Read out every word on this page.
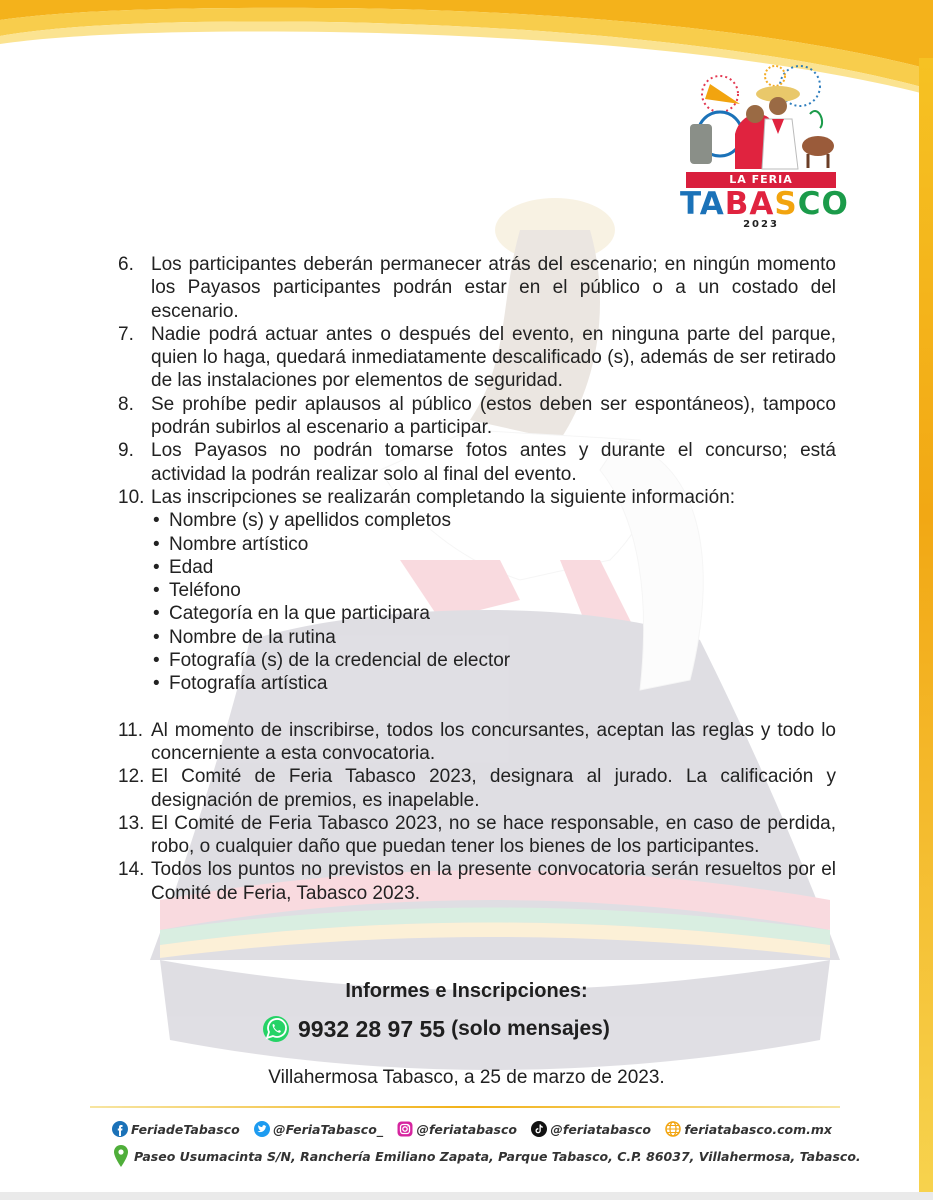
LA FERIA
TABASCO
2023
6. Los participantes deberán permanecer atrás del escenario; en ningún momento los Payasos participantes podrán estar en el público o a un costado del escenario.
7. Nadie podrá actuar antes o después del evento, en ninguna parte del parque, quien lo haga, quedará inmediatamente descalificado (s), además de ser retirado de las instalaciones por elementos de seguridad.
8. Se prohíbe pedir aplausos al público (estos deben ser espontáneos), tampoco podrán subirlos al escenario a participar.
9. Los Payasos no podrán tomarse fotos antes y durante el concurso; está actividad la podrán realizar solo al final del evento.
10. Las inscripciones se realizarán completando la siguiente información:
• Nombre (s) y apellidos completos
• Nombre artístico
• Edad
• Teléfono
• Categoría en la que participara
• Nombre de la rutina
• Fotografía (s) de la credencial de elector
• Fotografía artística
11. Al momento de inscribirse, todos los concursantes, aceptan las reglas y todo lo concerniente a esta convocatoria.
12. El Comité de Feria Tabasco 2023, designara al jurado. La calificación y designación de premios, es inapelable.
13. El Comité de Feria Tabasco 2023, no se hace responsable, en caso de perdida, robo, o cualquier daño que puedan tener los bienes de los participantes.
14. Todos los puntos no previstos en la presente convocatoria serán resueltos por el Comité de Feria, Tabasco 2023.
Informes e Inscripciones:
9932 28 97 55 (solo mensajes)
Villahermosa Tabasco, a 25 de marzo de 2023.
FeriadeTabasco	@FeriaTabasco_	@feriatabasco	@feriatabasco	feriatabasco.com.mx
Paseo Usumacinta S/N, Ranchería Emiliano Zapata, Parque Tabasco, C.P. 86037, Villahermosa, Tabasco.
